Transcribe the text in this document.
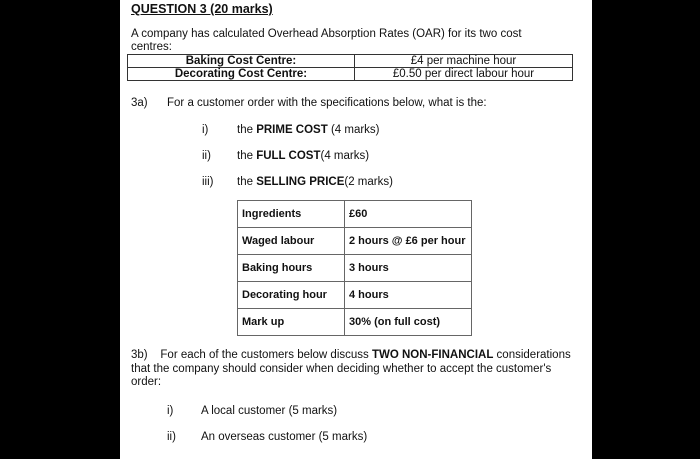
QUESTION 3 (20 marks)
A company has calculated Overhead Absorption Rates (OAR) for its two cost centres:
Baking Cost Centre:	£4 per machine hour
Decorating Cost Centre:	£0.50 per direct labour hour
3a) For a customer order with the specifications below, what is the:
i) the PRIME COST (4 marks)
ii) the FULL COST(4 marks)
iii) the SELLING PRICE(2 marks)
Ingredients	£60
Waged labour	2 hours @ £6 per hour
Baking hours	3 hours
Decorating hour	4 hours
Mark up	30% (on full cost)
3b) For each of the customers below discuss TWO NON-FINANCIAL considerations that the company should consider when deciding whether to accept the customer's order:
i) A local customer (5 marks)
ii) An overseas customer (5 marks)
